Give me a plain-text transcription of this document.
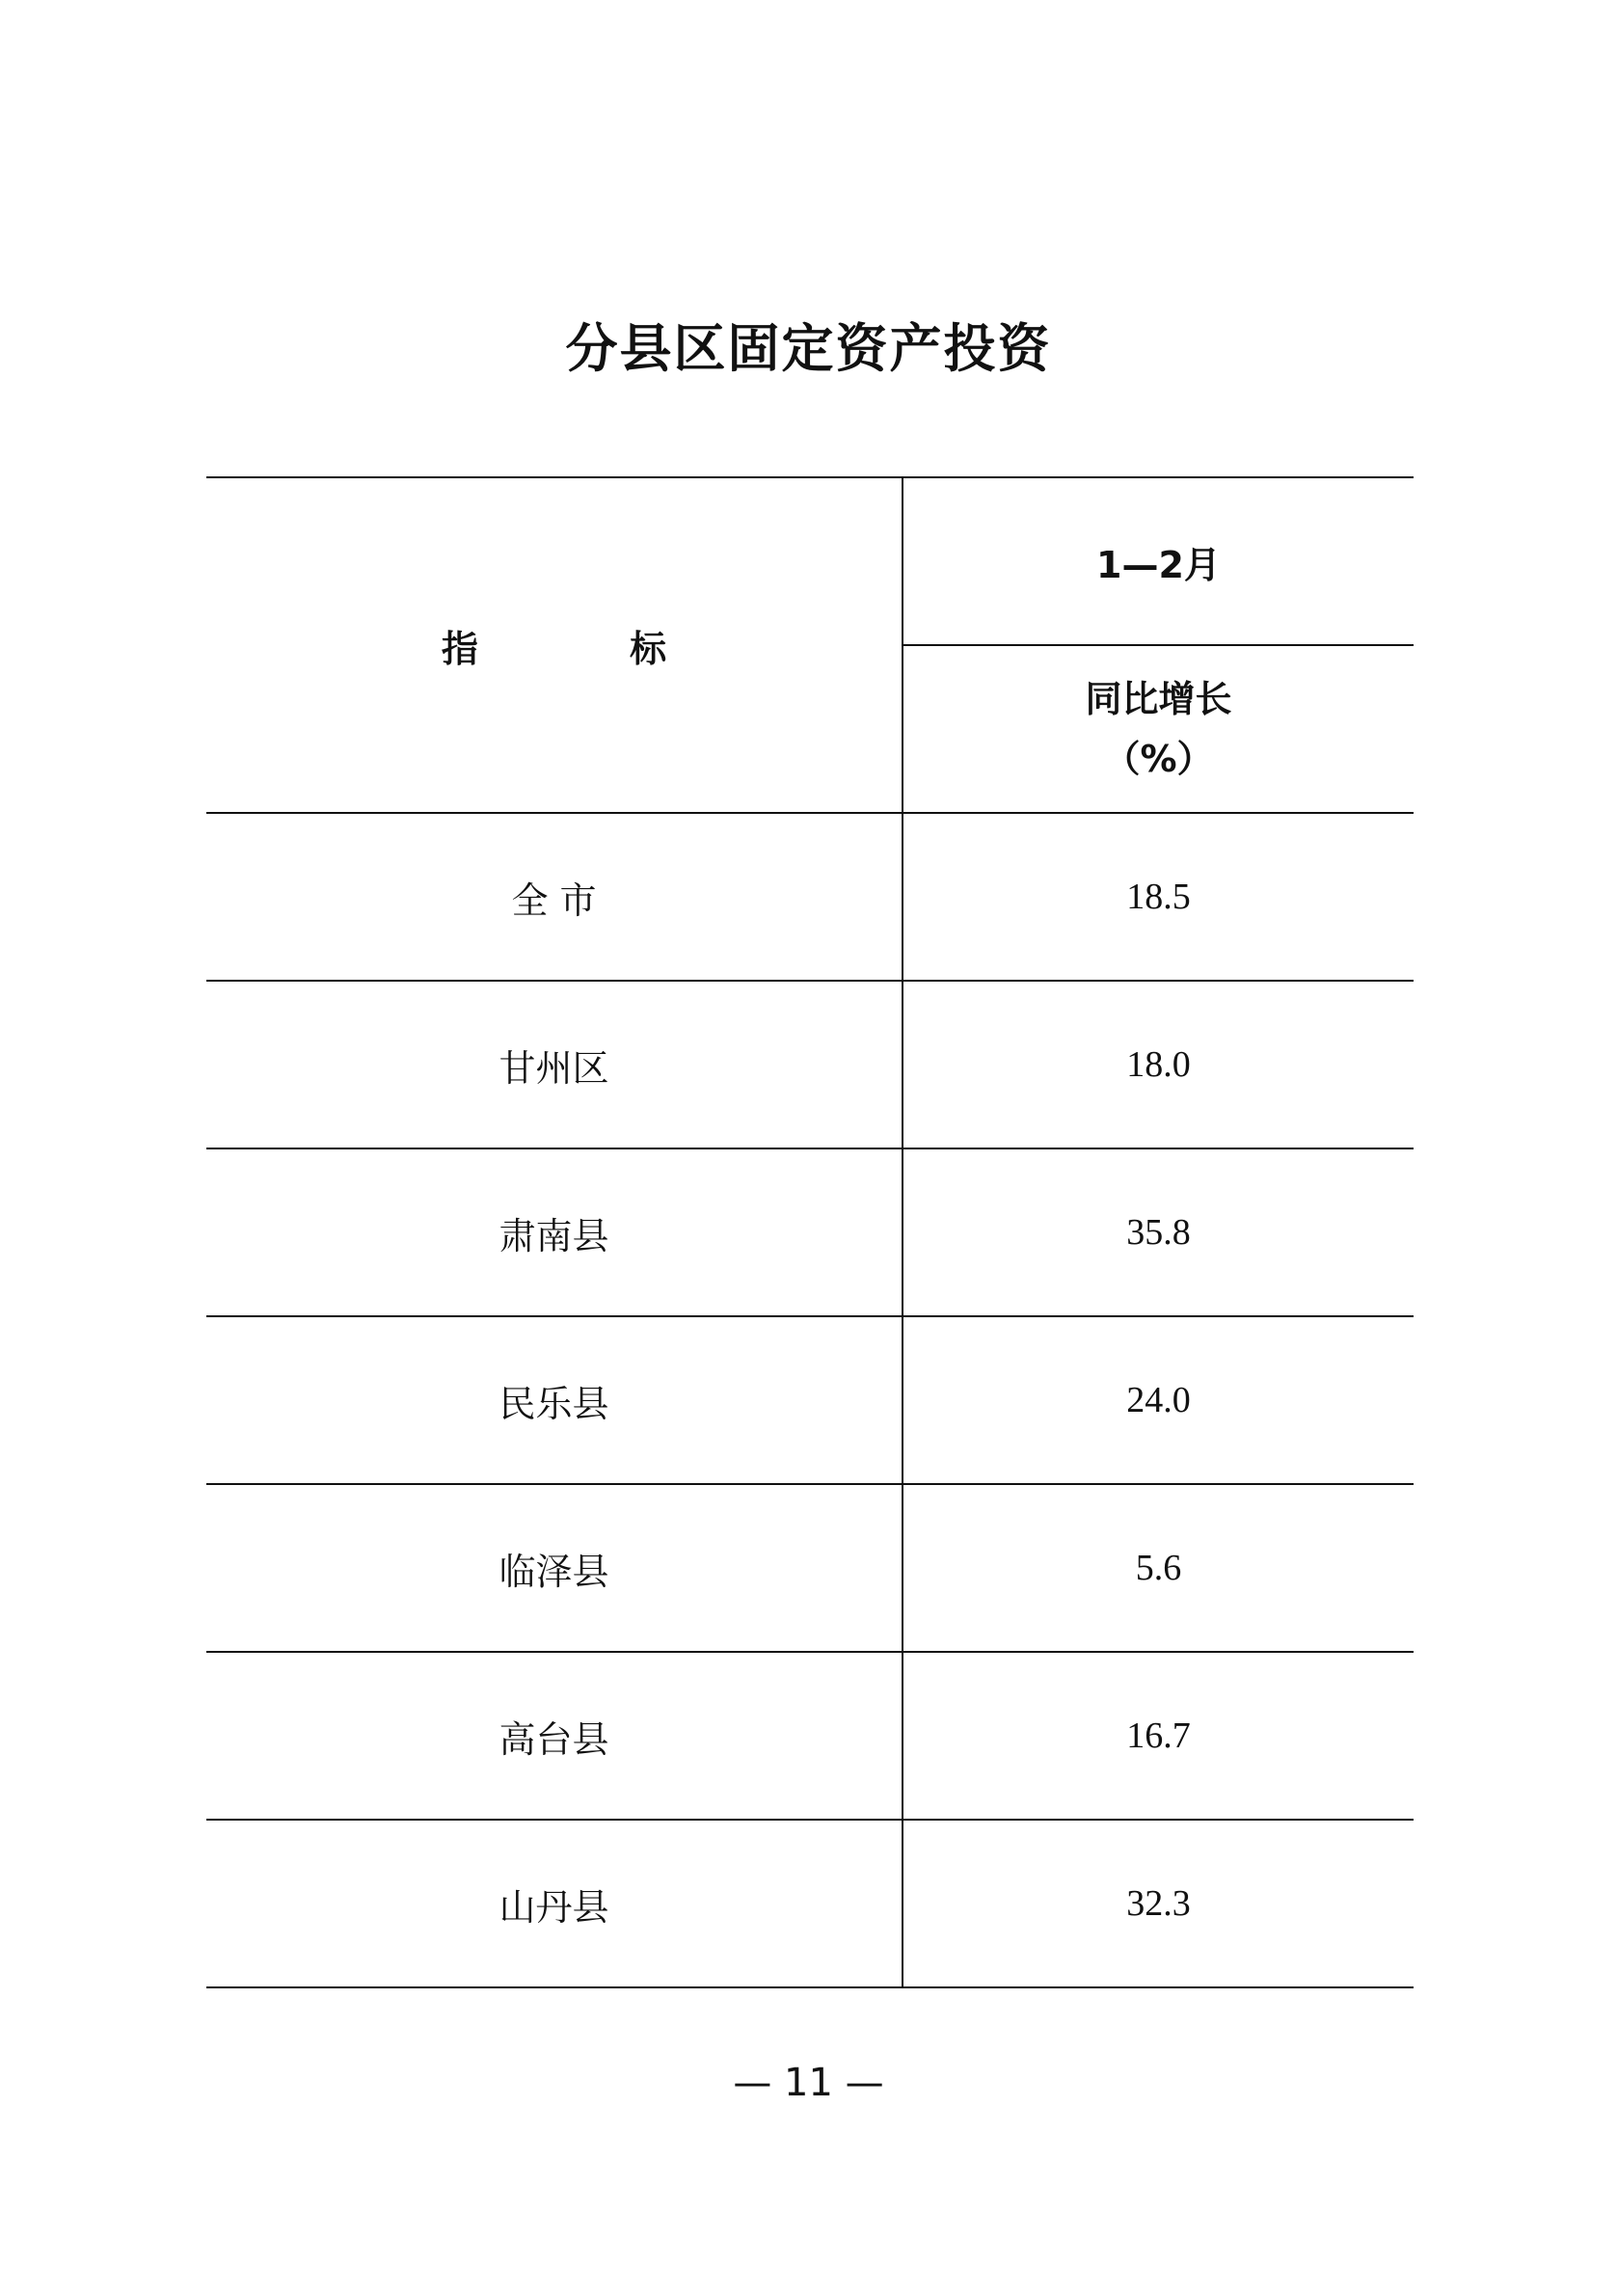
分县区固定资产投资
指 标	1—2月

	同比增长
（%）

全 市	18.5
甘州区	18.0
肃南县	35.8
民乐县	24.0
临泽县	5.6
高台县	16.7
山丹县	32.3
— 11 —
